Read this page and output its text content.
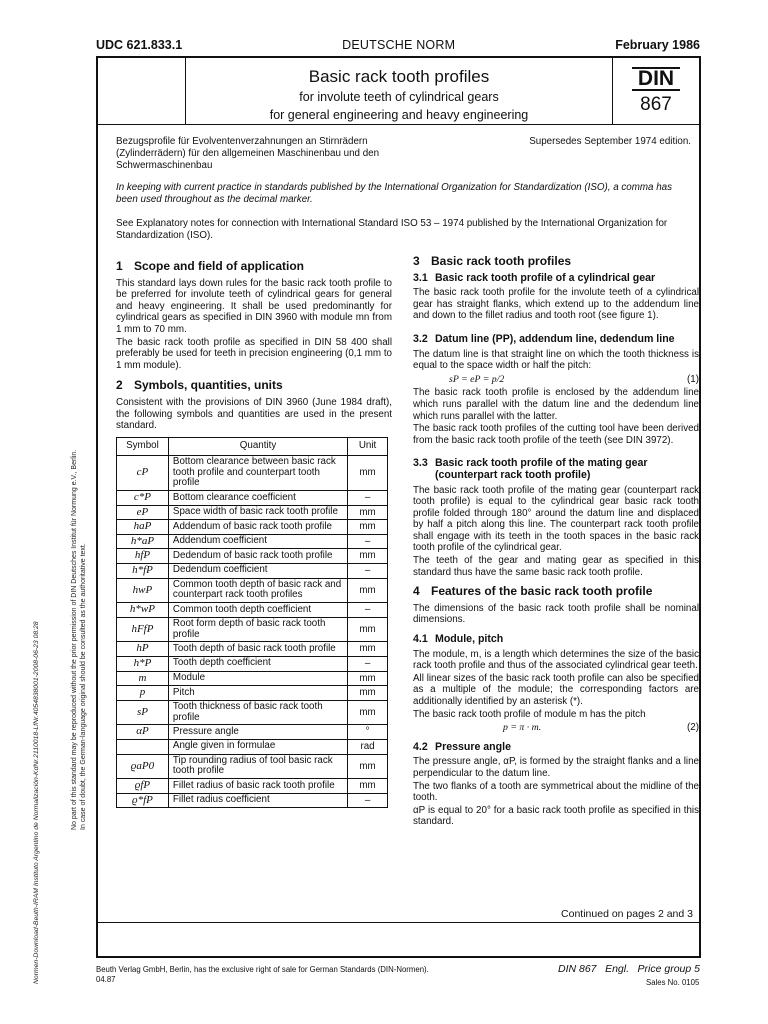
UDC 621.833.1	DEUTSCHE NORM	February 1986
Basic rack tooth profiles
for involute teeth of cylindrical gears
for general engineering and heavy engineering
DIN
867
Bezugsprofile für Evolventenverzahnungen an Stirnrädern (Zylinderrädern) für den allgemeinen Maschinenbau und den Schwermaschinenbau
Supersedes September 1974 edition.
In keeping with current practice in standards published by the International Organization for Standardization (ISO), a comma has been used throughout as the decimal marker.
See Explanatory notes for connection with International Standard ISO 53 – 1974 published by the International Organization for Standardization (ISO).
1 Scope and field of application

This standard lays down rules for the basic rack tooth profile to be preferred for involute teeth of cylindrical gears for general and heavy engineering. It shall be used predominantly for cylindrical gears as specified in DIN 3960 with module mn from 1 mm to 70 mm.

The basic rack tooth profile as specified in DIN 58 400 shall preferably be used for teeth in precision engineering (0,1 mm to 1 mm module).

2 Symbols, quantities, units

Consistent with the provisions of DIN 3960 (June 1984 draft), the following symbols and quantities are used in the present standard.

Symbol	Quantity	Unit
cP	Bottom clearance between basic rack tooth profile and counterpart tooth profile	mm
c*P	Bottom clearance coefficient	–
eP	Space width of basic rack tooth profile	mm
haP	Addendum of basic rack tooth profile	mm
h*aP	Addendum coefficient	–
hfP	Dedendum of basic rack tooth profile	mm
h*fP	Dedendum coefficient	–
hwP	Common tooth depth of basic rack and counterpart rack tooth profiles	mm
h*wP	Common tooth depth coefficient	–
hFfP	Root form depth of basic rack tooth profile	mm
hP	Tooth depth of basic rack tooth profile	mm
h*P	Tooth depth coefficient	–
m	Module	mm
p	Pitch	mm
sP	Tooth thickness of basic rack tooth profile	mm
αP	Pressure angle	°
	Angle given in formulae	rad
ϱaP0	Tip rounding radius of tool basic rack tooth profile	mm
ϱfP	Fillet radius of basic rack tooth profile	mm
ϱ*fP	Fillet radius coefficient	–
3 Basic rack tooth profiles
3.1 Basic rack tooth profile of a cylindrical gear

The basic rack tooth profile for the involute teeth of a cylindrical gear has straight flanks, which extend up to the addendum line and down to the fillet radius and tooth root (see figure 1).

3.2 Datum line (PP), addendum line, dedendum line

The datum line is that straight line on which the tooth thickness is equal to the space width or half the pitch:

sP = eP = p/2	(1)

The basic rack tooth profile is enclosed by the addendum line which runs parallel with the datum line and the dedendum line which runs parallel with the latter.

The basic rack tooth profiles of the cutting tool have been derived from the basic rack tooth profile of the teeth (see DIN 3972).

3.3 Basic rack tooth profile of the mating gear
(counterpart rack tooth profile)

The basic rack tooth profile of the mating gear (counterpart rack tooth profile) is equal to the cylindrical gear basic rack tooth profile folded through 180° around the datum line and displaced by half a pitch along this line. The counterpart rack tooth profile shall engage with its teeth in the tooth spaces in the basic rack tooth profile of the cylindrical gear.

The teeth of the gear and mating gear as specified in this standard thus have the same basic rack tooth profile.

4 Features of the basic rack tooth profile

The dimensions of the basic rack tooth profile shall be nominal dimensions.

4.1 Module, pitch

The module, m, is a length which determines the size of the basic rack tooth profile and thus of the associated cylindrical gear teeth.

All linear sizes of the basic rack tooth profile can also be specified as a multiple of the module; the corresponding factors are additionally identified by an asterisk (*).

The basic rack tooth profile of module m has the pitch

p = π · m.	(2)
4.2 Pressure angle

The pressure angle, αP, is formed by the straight flanks and a line perpendicular to the datum line.

The two flanks of a tooth are symmetrical about the midline of the tooth.

αP is equal to 20° for a basic rack tooth profile as specified in this standard.

Continued on pages 2 and 3
Beuth Verlag GmbH, Berlin, has the exclusive right of sale for German Standards (DIN-Normen).
04.87
DIN 867 Engl. Price group 5
Sales No. 0105
No part of this standard may be reproduced without the prior permission of DIN Deutsches Institut für Normung e.V., Berlin. In case of doubt, the German-language original should be consulted as the authoritative text.
Normen-Download-Beuth-IRAM Instituto Argentino de Normalización-KdNr.2110018-LfNr.4054838001-2008-06-23 08:28
